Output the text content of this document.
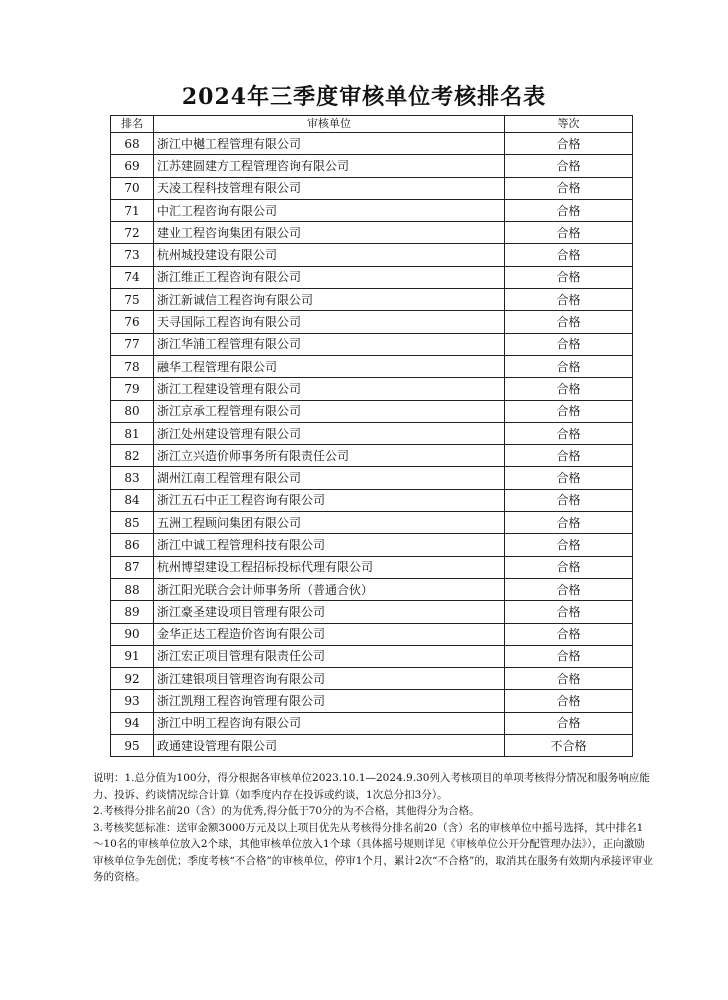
2024年三季度审核单位考核排名表
排名	审核单位	等次
68	浙江中樾工程管理有限公司	合格
69	江苏建圆建方工程管理咨询有限公司	合格
70	天凌工程科技管理有限公司	合格
71	中汇工程咨询有限公司	合格
72	建业工程咨询集团有限公司	合格
73	杭州城投建设有限公司	合格
74	浙江维正工程咨询有限公司	合格
75	浙江新诚信工程咨询有限公司	合格
76	天寻国际工程咨询有限公司	合格
77	浙江华浦工程管理有限公司	合格
78	融华工程管理有限公司	合格
79	浙江工程建设管理有限公司	合格
80	浙江京承工程管理有限公司	合格
81	浙江处州建设管理有限公司	合格
82	浙江立兴造价师事务所有限责任公司	合格
83	湖州江南工程管理有限公司	合格
84	浙江五石中正工程咨询有限公司	合格
85	五洲工程顾问集团有限公司	合格
86	浙江中诚工程管理科技有限公司	合格
87	杭州博望建设工程招标投标代理有限公司	合格
88	浙江阳光联合会计师事务所（普通合伙）	合格
89	浙江豪圣建设项目管理有限公司	合格
90	金华正达工程造价咨询有限公司	合格
91	浙江宏正项目管理有限责任公司	合格
92	浙江建银项目管理咨询有限公司	合格
93	浙江凯翔工程咨询管理有限公司	合格
94	浙江中明工程咨询有限公司	合格
95	政通建设管理有限公司	不合格

说明：1.总分值为100分，得分根据各审核单位2023.10.1—2024.9.30列入考核项目的单项考核得分情况和服务响应能力、投诉、约谈情况综合计算（如季度内存在投诉或约谈，1次总分扣3分）。

2.考核得分排名前20（含）的为优秀,得分低于70分的为不合格，其他得分为合格。

3.考核奖惩标准：送审金额3000万元及以上项目优先从考核得分排名前20（含）名的审核单位中摇号选择，其中排名1～10名的审核单位放入2个球，其他审核单位放入1个球（具体摇号规则详见《审核单位公开分配管理办法》），正向激励审核单位争先创优；季度考核“不合格”的审核单位，停审1个月，累计2次“不合格”的，取消其在服务有效期内承接评审业务的资格。
